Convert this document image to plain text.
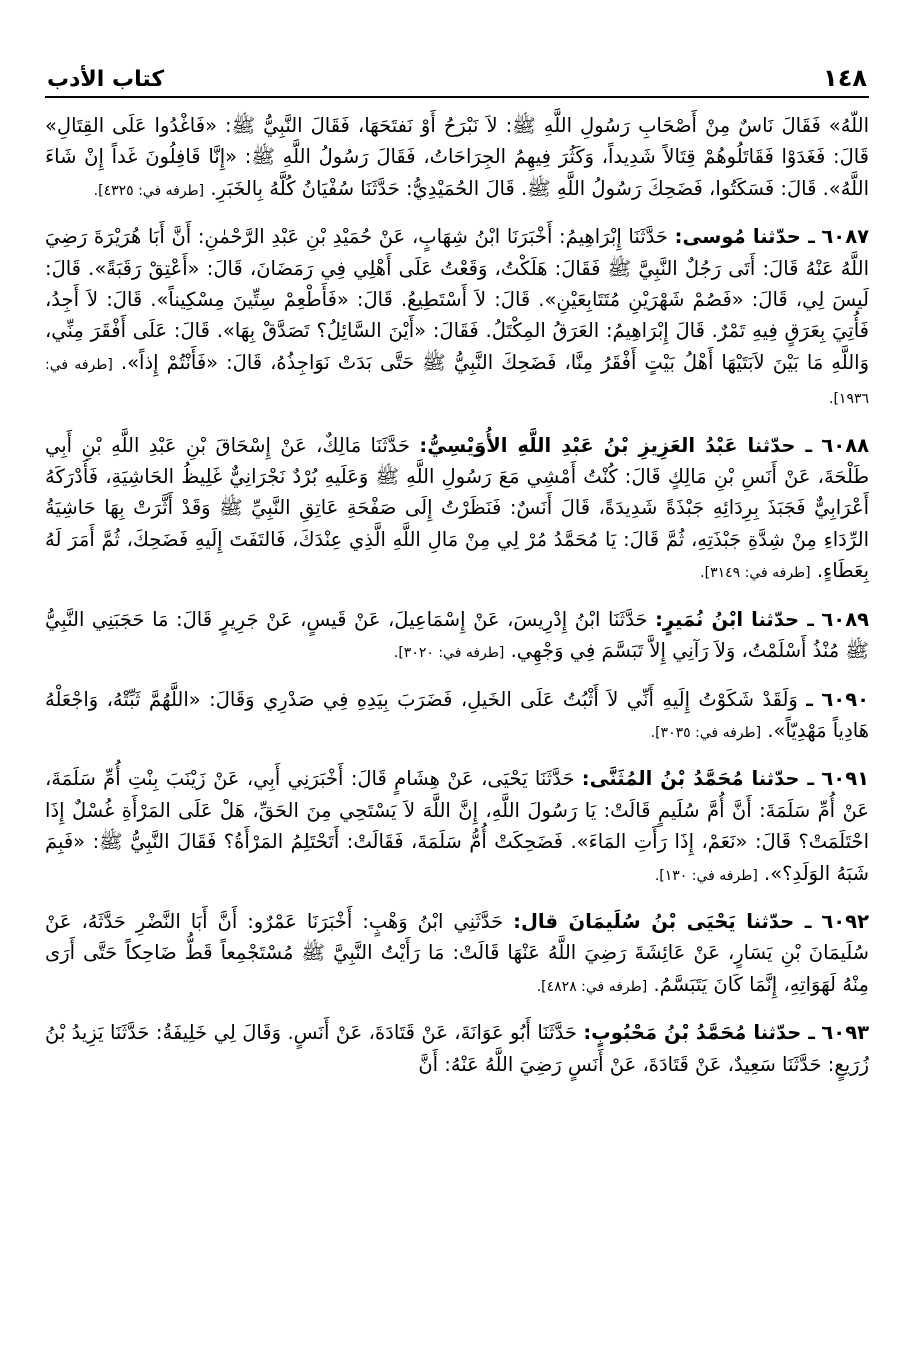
١٤٨
كتاب الأدب

اللّهُ» فَقَالَ نَاسٌ مِنْ أَصْحَابِ رَسُولِ اللَّهِ ﷺ: لاَ نَبْرَحُ أَوْ نَفتَحَهَا، فَقَالَ النَّبِيُّ ﷺ: «فَاغْدُوا عَلَى القِتَالِ» قَالَ: فَغَدَوْا فَقَاتَلُوهُمْ قِتَالاً شَدِيداً، وَكَثُرَ فِيهِمُ الجِرَاحَاتُ، فَقَالَ رَسُولُ اللَّهِ ﷺ: «إِنَّا قَافِلُونَ غَداً إِنْ شَاءَ اللَّهُ». قَالَ: فَسَكَتُوا، فَضَحِكَ رَسُولُ اللَّهِ ﷺ. قَالَ الحُمَيْدِيُّ: حَدَّثَنَا سُفْيَانُ كُلَّهُ بِالخَبَرِ. [طرفه في: ٤٣٢٥].

٦٠٨٧ ـ حدّثنا مُوسى: حَدَّثَنَا إِبْرَاهِيمُ: أَخْبَرَنَا ابْنُ شِهَابٍ، عَنْ حُمَيْدِ بْنِ عَبْدِ الرَّحْمٰنِ: أَنَّ أَبَا هُرَيْرَةَ رَضِيَ اللَّهُ عَنْهُ قَالَ: أَتَى رَجُلٌ النَّبِيَّ ﷺ فَقَالَ: هَلَكْتُ، وَقَعْتُ عَلَى أَهْلِي فِي رَمَضَانَ، قَالَ: «أَعْتِقْ رَقَبَةً». قَالَ: لَيسَ لِي، قَالَ: «فَصُمْ شَهْرَيْنِ مُتَتَابِعَيْنِ». قَالَ: لاَ أَسْتَطِيعُ. قَالَ: «فَأَطْعِمْ سِتِّينَ مِسْكِيناً». قَالَ: لاَ أَجِدُ، فَأُتِيَ بِعَرَقٍ فِيهِ تَمْرٌ. قَالَ إِبْرَاهِيمُ: العَرَقُ المِكْتَلُ. فَقَالَ: «أَيْنَ السَّائِلُ؟ تَصَدَّقْ بِهَا». قَالَ: عَلَى أَفْقَرَ مِنِّي، وَاللَّهِ مَا بَيْنَ لاَبَتَيْهَا أَهْلُ بَيْتٍ أَفْقَرُ مِنَّا، فَضَحِكَ النَّبِيُّ ﷺ حَتَّى بَدَتْ نَوَاجِذُهُ، قَالَ: «فَأَنْتُمْ إِذاً». [طرفه في: ١٩٣٦].

٦٠٨٨ ـ حدّثنا عَبْدُ العَزِيزِ بْنُ عَبْدِ اللَّهِ الأُوَيْسِيُّ: حَدَّثَنَا مَالِكٌ، عَنْ إِسْحَاقَ بْنِ عَبْدِ اللَّهِ بْنِ أَبِي طَلْحَةَ، عَنْ أَنَسِ بْنِ مَالِكٍ قَالَ: كُنْتُ أَمْشِي مَعَ رَسُولِ اللَّهِ ﷺ وَعَلَيهِ بُرْدٌ نَجْرَانِيٌّ غَلِيظُ الحَاشِيَةِ، فَأَدْرَكَهُ أَعْرَابِيٌّ فَجَبَذَ بِرِدَائِهِ جَبْذَةً شَدِيدَةً، قَالَ أَنَسٌ: فَنَظَرْتُ إِلَى صَفْحَةِ عَاتِقِ النَّبِيِّ ﷺ وَقَدْ أَثَّرَتْ بِهَا حَاشِيَةُ الرِّدَاءِ مِنْ شِدَّةِ جَبْذَتِهِ، ثُمَّ قَالَ: يَا مُحَمَّدُ مُرْ لِي مِنْ مَالِ اللَّهِ الَّذِي عِنْدَكَ، فَالتَفَتَ إِلَيهِ فَضَحِكَ، ثُمَّ أَمَرَ لَهُ بِعَطَاءٍ. [طرفه في: ٣١٤٩].

٦٠٨٩ ـ حدّثنا ابْنُ نُمَيرٍ: حَدَّثَنَا ابْنُ إِدْرِيسَ، عَنْ إِسْمَاعِيلَ، عَنْ قَيسٍ، عَنْ جَرِيرٍ قَالَ: مَا حَجَبَنِي النَّبِيُّ ﷺ مُنْذُ أَسْلَمْتُ، وَلاَ رَآنِي إِلاَّ تَبَسَّمَ فِي وَجْهِي. [طرفه في: ٣٠٢٠].

٦٠٩٠ ـ وَلَقَدْ شَكَوْتُ إِلَيهِ أَنِّي لاَ أَثْبُتُ عَلَى الخَيلِ، فَضَرَبَ بِيَدِهِ فِي صَدْرِي وَقَالَ: «اللَّهُمَّ ثَبِّتْهُ، وَاجْعَلْهُ هَادِياً مَهْدِيّاً». [طرفه في: ٣٠٣٥].

٦٠٩١ ـ حدّثنا مُحَمَّدُ بْنُ المُثَنَّى: حَدَّثَنَا يَحْيَى، عَنْ هِشَامٍ قَالَ: أَخْبَرَنِي أَبِي، عَنْ زَيْنَبَ بِنْتِ أُمِّ سَلَمَةَ، عَنْ أُمِّ سَلَمَةَ: أَنَّ أُمَّ سُلَيمٍ قَالَتْ: يَا رَسُولَ اللَّهِ، إِنَّ اللَّهَ لاَ يَسْتَحِي مِنَ الحَقِّ، هَلْ عَلَى المَرْأَةِ غُسْلٌ إِذَا احْتَلَمَتْ؟ قَالَ: «نَعَمْ، إِذَا رَأَتِ المَاءَ». فَضَحِكَتْ أُمُّ سَلَمَةَ، فَقَالَتْ: أَتَحْتَلِمُ المَرْأَةُ؟ فَقَالَ النَّبِيُّ ﷺ: «فَبِمَ شَبَهُ الوَلَدِ؟». [طرفه في: ١٣٠].

٦٠٩٢ ـ حدّثنا يَحْيَى بْنُ سُلَيمَانَ قال: حَدَّثَنِي ابْنُ وَهْبٍ: أَخْبَرَنَا عَمْرٌو: أَنَّ أَبَا النَّضْرِ حَدَّثَهُ، عَنْ سُلَيمَانَ بْنِ يَسَارٍ، عَنْ عَائِشَةَ رَضِيَ اللَّهُ عَنْهَا قَالَتْ: مَا رَأَيْتُ النَّبِيَّ ﷺ مُسْتَجْمِعاً قَطُّ ضَاحِكاً حَتَّى أَرَى مِنْهُ لَهَوَاتِهِ، إِنَّمَا كَانَ يَتَبَسَّمُ. [طرفه في: ٤٨٢٨].

٦٠٩٣ ـ حدّثنا مُحَمَّدُ بْنُ مَحْبُوبٍ: حَدَّثَنَا أَبُو عَوَانَةَ، عَنْ قَتَادَةَ، عَنْ أَنَسٍ. وَقَالَ لِي خَلِيفَةُ: حَدَّثَنَا يَزِيدُ بْنُ زُرَيعٍ: حَدَّثَنَا سَعِيدٌ، عَنْ قَتَادَةَ، عَنْ أَنَسٍ رَضِيَ اللَّهُ عَنْهُ: أَنَّ
